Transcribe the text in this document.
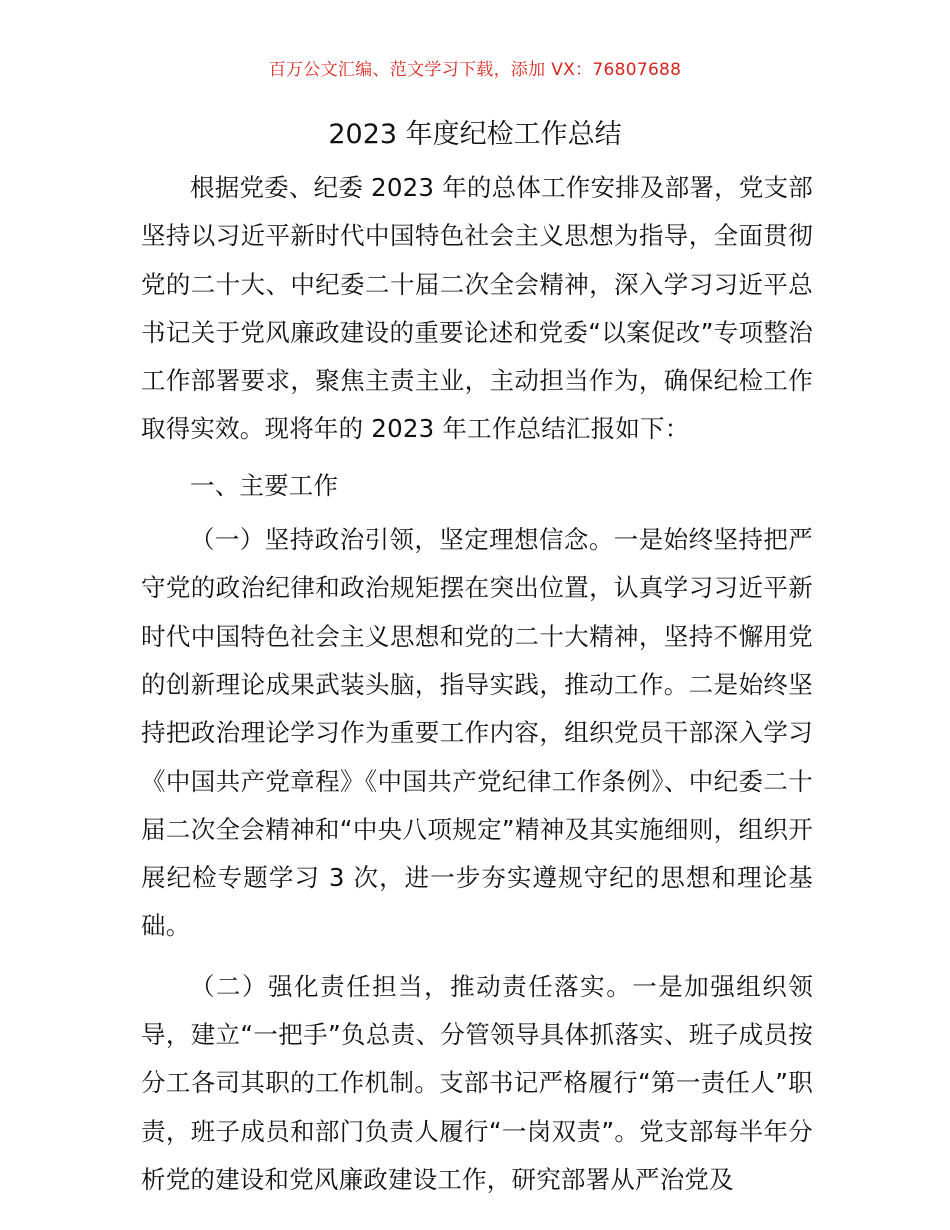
百万公文汇编、范文学习下载，添加 VX：76807688
2023 年度纪检工作总结

根据党委、纪委 2023 年的总体工作安排及部署，党支部坚持以习近平新时代中国特色社会主义思想为指导，全面贯彻党的二十大、中纪委二十届二次全会精神，深入学习习近平总书记关于党风廉政建设的重要论述和党委“以案促改”专项整治工作部署要求，聚焦主责主业，主动担当作为，确保纪检工作取得实效。现将年的 2023 年工作总结汇报如下：

一、主要工作

（一）坚持政治引领，坚定理想信念。一是始终坚持把严守党的政治纪律和政治规矩摆在突出位置，认真学习习近平新时代中国特色社会主义思想和党的二十大精神，坚持不懈用党的创新理论成果武装头脑，指导实践，推动工作。二是始终坚持把政治理论学习作为重要工作内容，组织党员干部深入学习《中国共产党章程》《中国共产党纪律工作条例》、中纪委二十届二次全会精神和“中央八项规定”精神及其实施细则，组织开展纪检专题学习 3 次，进一步夯实遵规守纪的思想和理论基础。

（二）强化责任担当，推动责任落实。一是加强组织领导，建立“一把手”负总责、分管领导具体抓落实、班子成员按分工各司其职的工作机制。支部书记严格履行“第一责任人”职责，班子成员和部门负责人履行“一岗双责”。党支部每半年分析党的建设和党风廉政建设工作，研究部署从严治党及
